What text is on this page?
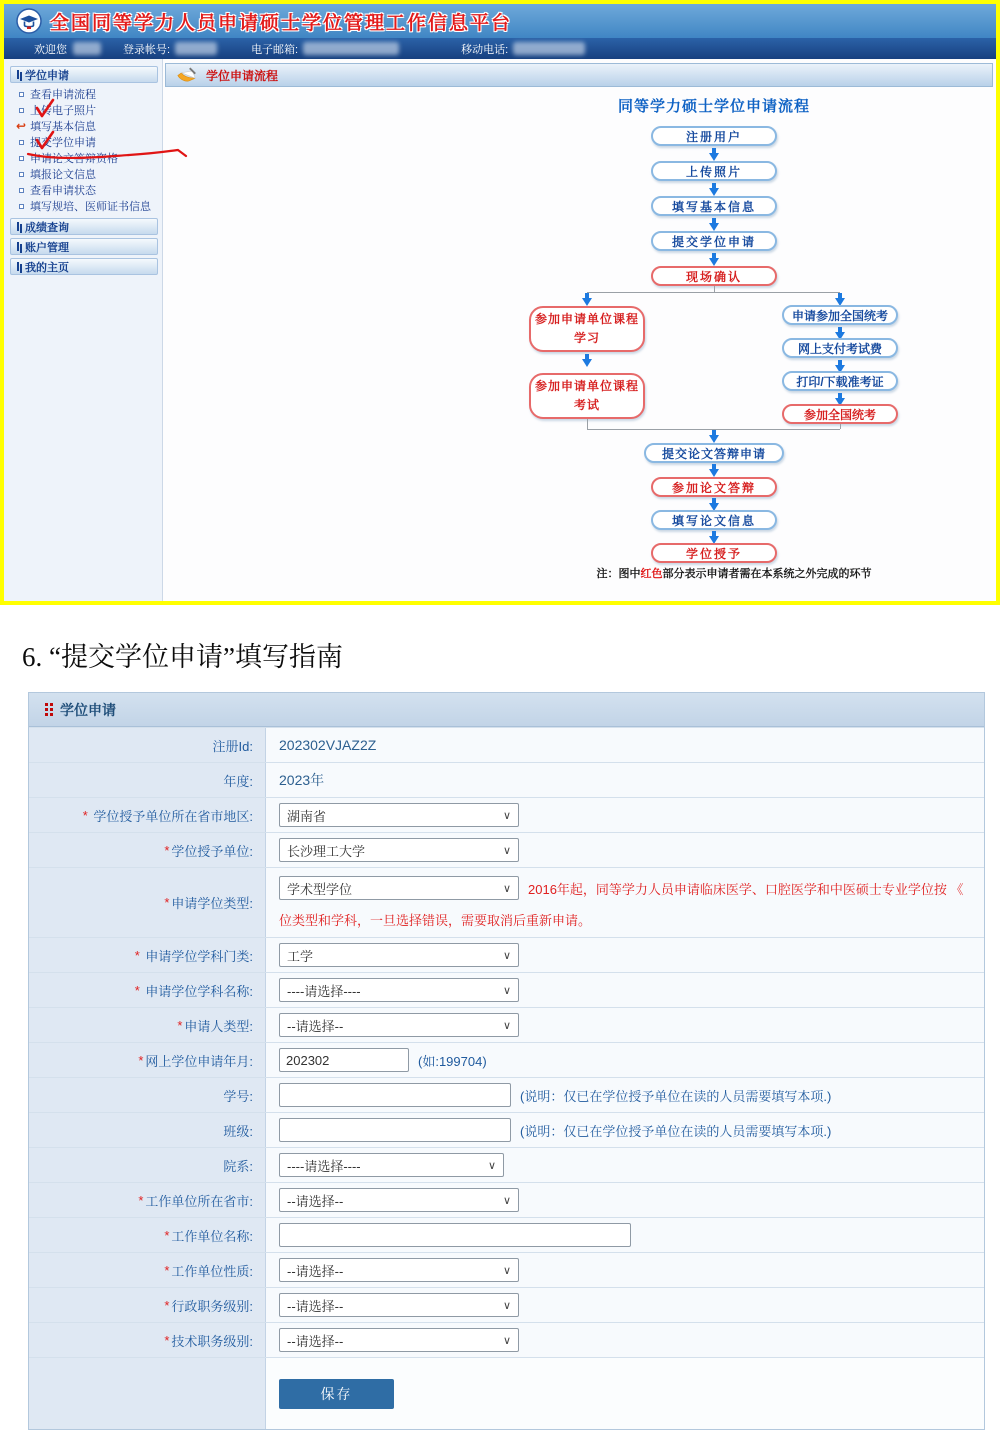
全国同等学力人员申请硕士学位管理工作信息平台
欢迎您	登录帐号:	电子邮箱:	移动电话:
学位申请
查看申请流程
上传电子照片
↩ 填写基本信息
提交学位申请
申请论文答辩资格
填报论文信息
查看申请状态
填写规培、医师证书信息
成绩查询
账户管理
我的主页
学位申请流程
同等学力硕士学位申请流程
注册用户
上传照片
填写基本信息
提交学位申请
现场确认
参加申请单位课程学习
参加申请单位课程考试
申请参加全国统考
网上支付考试费
打印/下载准考证
参加全国统考
提交论文答辩申请
参加论文答辩
填写论文信息
学位授予
注：图中红色部分表示申请者需在本系统之外完成的环节
6. “提交学位申请”填写指南
学位申请
注册Id: 202302VJAZ2Z
年度: 2023年
* 学位授予单位所在省市地区:	湖南省	∨
* 学位授予单位:	长沙理工大学	∨
* 申请学位类型:
学术型学位	∨ 2016年起，同等学力人员申请临床医学、口腔医学和中医硕士专业学位按 《
位类型和学科，一旦选择错误，需要取消后重新申请。
* 申请学位学科门类:	工学	∨
* 申请学位学科名称:	----请选择----	∨
* 申请人类型:	--请选择--	∨
* 网上学位申请年月:
202302	(如:199704)
学号:	(说明：仅已在学位授予单位在读的人员需要填写本项.)
班级:	(说明：仅已在学位授予单位在读的人员需要填写本项.)
院系:	----请选择----	∨
* 工作单位所在省市:	--请选择--	∨
* 工作单位名称:
* 工作单位性质:	--请选择--	∨
* 行政职务级别:	--请选择--	∨
* 技术职务级别:	--请选择--	∨
保存
